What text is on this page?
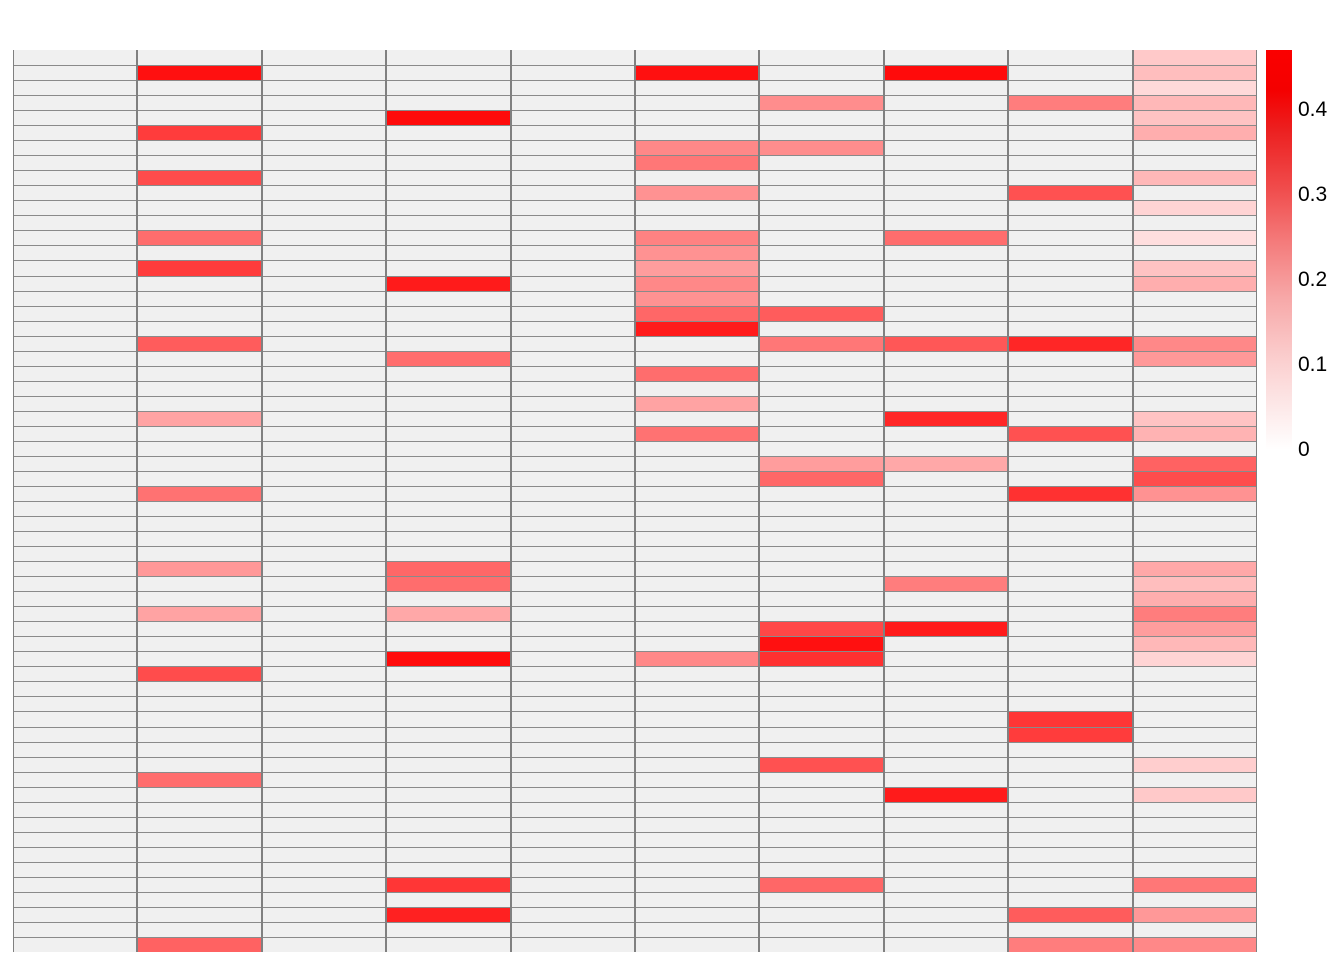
0
0.1
0.2
0.3
0.4
